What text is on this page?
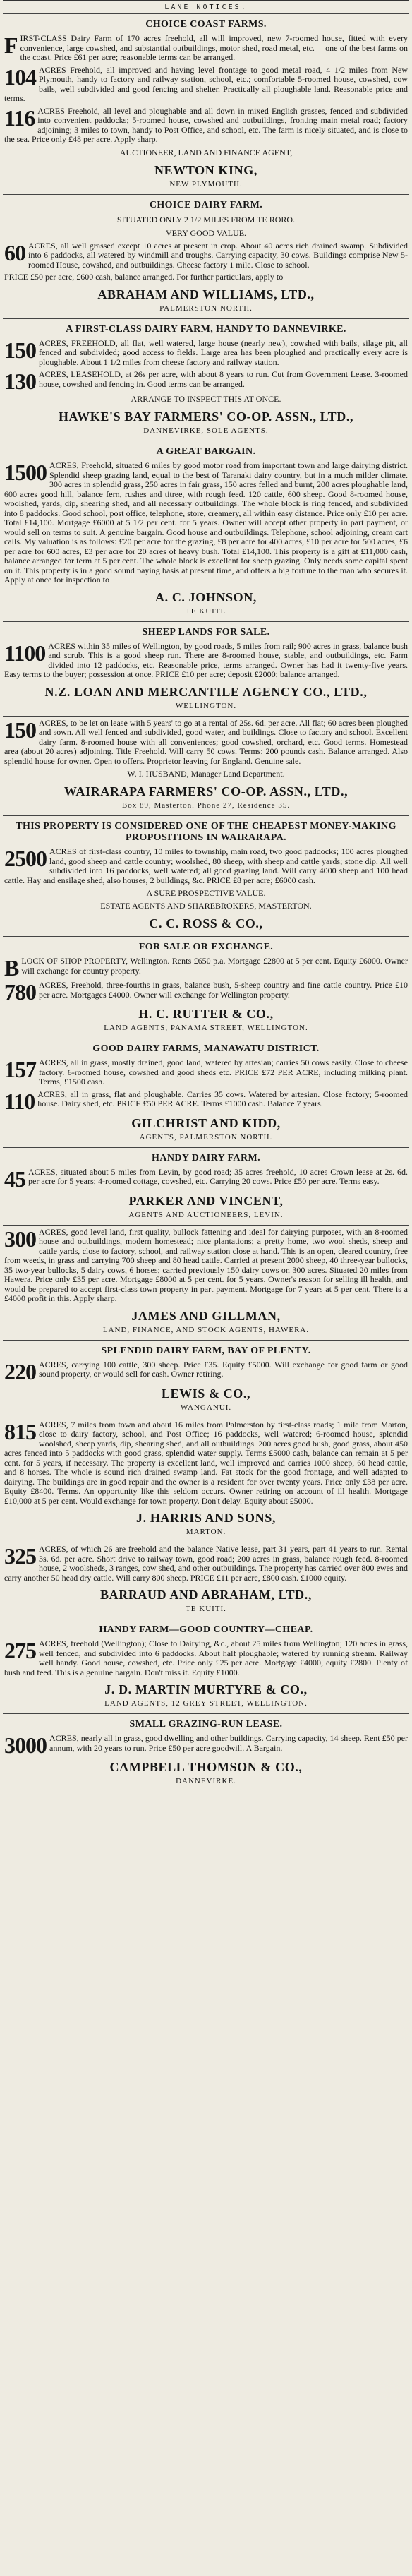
LANE NOTICES.
CHOICE COAST FARMS.
FIRST-CLASS Dairy Farm of 170 acres freehold, all will improved, new 7-roomed house, fitted with every convenience, large cowshed, and substantial outbuildings, motor shed, road metal, etc.— one of the best farms on the coast. Price £61 per acre; reasonable terms can be arranged.
104 ACRES Freehold, all improved and having level frontage to good metal road, 4 1/2 miles from New Plymouth, handy to factory and railway station, school, etc.; comfortable 5-roomed house, cowshed, cow bails, well subdivided and good fencing and shelter. Practically all ploughable land. Reasonable price and terms.
116 ACRES Freehold, all level and ploughable and all down in mixed English grasses, fenced and subdivided into convenient paddocks; 5-roomed house, cowshed and outbuildings, fronting main metal road; factory adjoining; 3 miles to town, handy to Post Office, and school, etc. The farm is nicely situated, and is close to the sea. Price only £48 per acre. Apply sharp.
AUCTIONEER, LAND AND FINANCE AGENT,
NEWTON KING,
NEW PLYMOUTH.
CHOICE DAIRY FARM.
SITUATED ONLY 2 1/2 MILES FROM TE RORO.
VERY GOOD VALUE.
60 ACRES, all well grassed except 10 acres at present in crop. About 40 acres rich drained swamp. Subdivided into 6 paddocks, all watered by windmill and troughs. Carrying capacity, 30 cows. Buildings comprise New 5-roomed House, cowshed, and outbuildings. Cheese factory 1 mile. Close to school.
PRICE £50 per acre, £600 cash, balance arranged. For further particulars, apply to
ABRAHAM AND WILLIAMS, LTD.,
PALMERSTON NORTH.
A FIRST-CLASS DAIRY FARM, HANDY TO DANNEVIRKE.
150 ACRES, FREEHOLD, all flat, well watered, large house (nearly new), cowshed with bails, silage pit, all fenced and subdivided; good access to fields. Large area has been ploughed and practically every acre is ploughable. About 1 1/2 miles from cheese factory and railway station.
130 ACRES, LEASEHOLD, at 26s per acre, with about 8 years to run. Cut from Government Lease. 3-roomed house, cowshed and fencing in. Good terms can be arranged.
ARRANGE TO INSPECT THIS AT ONCE.
HAWKE'S BAY FARMERS' CO-OP. ASSN., LTD.,
DANNEVIRKE, SOLE AGENTS.
A GREAT BARGAIN.
1500 ACRES, Freehold, situated 6 miles by good motor road from important town and large dairying district. Splendid sheep grazing land, equal to the best of Taranaki dairy country, but in a much milder climate. 300 acres in splendid grass, 250 acres in fair grass, 150 acres felled and burnt, 200 acres ploughable land, 600 acres good hill, balance fern, rushes and titree, with rough feed. 120 cattle, 600 sheep. Good 8-roomed house, woolshed, yards, dip, shearing shed, and all necessary outbuildings. The whole block is ring fenced, and subdivided into 8 paddocks. Good school, post office, telephone, store, creamery, all within easy distance. Price only £10 per acre. Total £14,100. Mortgage £6000 at 5 1/2 per cent. for 5 years. Owner will accept other property in part payment, or would sell on terms to suit. A genuine bargain. Good house and outbuildings. Telephone, school adjoining, cream cart calls. My valuation is as follows: £20 per acre for the grazing, £8 per acre for 400 acres, £10 per acre for 500 acres, £6 per acre for 600 acres, £3 per acre for 20 acres of heavy bush. Total £14,100. This property is a gift at £11,000 cash, balance arranged for term at 5 per cent. The whole block is excellent for sheep grazing. Only needs some capital spent on it. This property is in a good sound paying basis at present time, and offers a big fortune to the man who secures it. Apply at once for inspection to
A. C. JOHNSON,
TE KUITI.
SHEEP LANDS FOR SALE.
1100 ACRES within 35 miles of Wellington, by good roads, 5 miles from rail; 900 acres in grass, balance bush and scrub. This is a good sheep run. There are 8-roomed house, stable, and outbuildings, etc. Farm divided into 12 paddocks, etc. Reasonable price, terms arranged. Owner has had it twenty-five years. Easy terms to the buyer; possession at once. PRICE £10 per acre; deposit £2000; balance arranged.
N.Z. LOAN AND MERCANTILE AGENCY CO., LTD.,
WELLINGTON.
150 ACRES, to be let on lease with 5 years' to go at a rental of 25s. 6d. per acre. All flat; 60 acres been ploughed and sown. All well fenced and subdivided, good water, and buildings. Close to factory and school. Excellent dairy farm. 8-roomed house with all conveniences; good cowshed, orchard, etc. Good terms. Homestead area (about 20 acres) adjoining. Title Freehold. Will carry 50 cows. Terms: 200 pounds cash. Balance arranged. Also splendid house for owner. Open to offers. Proprietor leaving for England. Genuine sale.
W. I. HUSBAND, Manager Land Department.
WAIRARAPA FARMERS' CO-OP. ASSN., LTD.,
Box 89, Masterton. Phone 27, Residence 35.
THIS PROPERTY IS CONSIDERED ONE OF THE CHEAPEST MONEY-MAKING PROPOSITIONS IN WAIRARAPA.
2500 ACRES of first-class country, 10 miles to township, main road, two good paddocks; 100 acres ploughed land, good sheep and cattle country; woolshed, 80 sheep, with sheep and cattle yards; stone dip. All well subdivided into 16 paddocks, well watered; all good grazing land. Will carry 4000 sheep and 100 head cattle. Hay and ensilage shed, also houses, 2 buildings, &c. PRICE £8 per acre; £6000 cash.
A SURE PROSPECTIVE VALUE.
ESTATE AGENTS AND SHAREBROKERS, MASTERTON.
C. C. ROSS & CO.,
FOR SALE OR EXCHANGE.
BLOCK OF SHOP PROPERTY, Wellington. Rents £650 p.a. Mortgage £2800 at 5 per cent. Equity £6000. Owner will exchange for country property.
780 ACRES, Freehold, three-fourths in grass, balance bush, 5-sheep country and fine cattle country. Price £10 per acre. Mortgages £4000. Owner will exchange for Wellington property.
H. C. RUTTER & CO.,
LAND AGENTS, PANAMA STREET, WELLINGTON.
GOOD DAIRY FARMS, MANAWATU DISTRICT.
157 ACRES, all in grass, mostly drained, good land, watered by artesian; carries 50 cows easily. Close to cheese factory. 6-roomed house, cowshed and good sheds etc. PRICE £72 PER ACRE, including milking plant. Terms, £1500 cash.
110 ACRES, all in grass, flat and ploughable. Carries 35 cows. Watered by artesian. Close factory; 5-roomed house. Dairy shed, etc. PRICE £50 PER ACRE. Terms £1000 cash. Balance 7 years.
GILCHRIST AND KIDD,
AGENTS, PALMERSTON NORTH.
HANDY DAIRY FARM.
45 ACRES, situated about 5 miles from Levin, by good road; 35 acres freehold, 10 acres Crown lease at 2s. 6d. per acre for 5 years; 4-roomed cottage, cowshed, etc. Carrying 20 cows. Price £50 per acre. Terms easy.
PARKER AND VINCENT,
AGENTS AND AUCTIONEERS, LEVIN.
300 ACRES, good level land, first quality, bullock fattening and ideal for dairying purposes, with an 8-roomed house and outbuildings, modern homestead; nice plantations; a pretty home, two wool sheds, sheep and cattle yards, close to factory, school, and railway station close at hand. This is an open, cleared country, free from weeds, in grass and carrying 700 sheep and 80 head cattle. Carried at present 2000 sheep, 40 three-year bullocks, 35 two-year bullocks, 5 dairy cows, 6 horses; carried previously 150 dairy cows on 300 acres. Situated 20 miles from Hawera. Price only £35 per acre. Mortgage £8000 at 5 per cent. for 5 years. Owner's reason for selling ill health, and would be prepared to accept first-class town property in part payment. Mortgage for 7 years at 5 per cent. There is a £4000 profit in this. Apply sharp.
JAMES AND GILLMAN,
LAND, FINANCE, AND STOCK AGENTS, HAWERA.
SPLENDID DAIRY FARM, BAY OF PLENTY.
220 ACRES, carrying 100 cattle, 300 sheep. Price £35. Equity £5000. Will exchange for good farm or good sound property, or would sell for cash. Owner retiring.
LEWIS & CO.,
WANGANUI.
815 ACRES, 7 miles from town and about 16 miles from Palmerston by first-class roads; 1 mile from Marton, close to dairy factory, school, and Post Office; 16 paddocks, well watered; 6-roomed house, splendid woolshed, sheep yards, dip, shearing shed, and all outbuildings. 200 acres good bush, good grass, about 450 acres fenced into 5 paddocks with good grass, splendid water supply. Terms £5000 cash, balance can remain at 5 per cent. for 5 years, if necessary. The property is excellent land, well improved and carries 1000 sheep, 60 head cattle, and 8 horses. The whole is sound rich drained swamp land. Fat stock for the good frontage, and well adapted to dairying. The buildings are in good repair and the owner is a resident for over twenty years. Price only £38 per acre. Equity £8400. Terms. An opportunity like this seldom occurs. Owner retiring on account of ill health. Mortgage £10,000 at 5 per cent. Would exchange for town property. Don't delay. Equity about £5000.
J. HARRIS AND SONS,
MARTON.
325 ACRES, of which 26 are freehold and the balance Native lease, part 31 years, part 41 years to run. Rental 3s. 6d. per acre. Short drive to railway town, good road; 200 acres in grass, balance rough feed. 8-roomed house, 2 woolsheds, 3 ranges, cow shed, and other outbuildings. The property has carried over 800 ewes and carry another 50 head dry cattle. Will carry 800 sheep. PRICE £11 per acre, £800 cash. £1000 equity.
BARRAUD AND ABRAHAM, LTD.,
TE KUITI.
HANDY FARM—GOOD COUNTRY—CHEAP.
275 ACRES, freehold (Wellington); Close to Dairying, &c., about 25 miles from Wellington; 120 acres in grass, well fenced, and subdivided into 6 paddocks. About half ploughable; watered by running stream. Railway well handy. Good house, cowshed, etc. Price only £25 per acre. Mortgage £4000, equity £2800. Plenty of bush and feed. This is a genuine bargain. Don't miss it. Equity £1000.
J. D. MARTIN MURTYRE & CO.,
LAND AGENTS, 12 GREY STREET, WELLINGTON.
SMALL GRAZING-RUN LEASE.
3000 ACRES, nearly all in grass, good dwelling and other buildings. Carrying capacity, 14 sheep. Rent £50 per annum, with 20 years to run. Price £50 per acre goodwill. A Bargain.
CAMPBELL THOMSON & CO.,
DANNEVIRKE.
